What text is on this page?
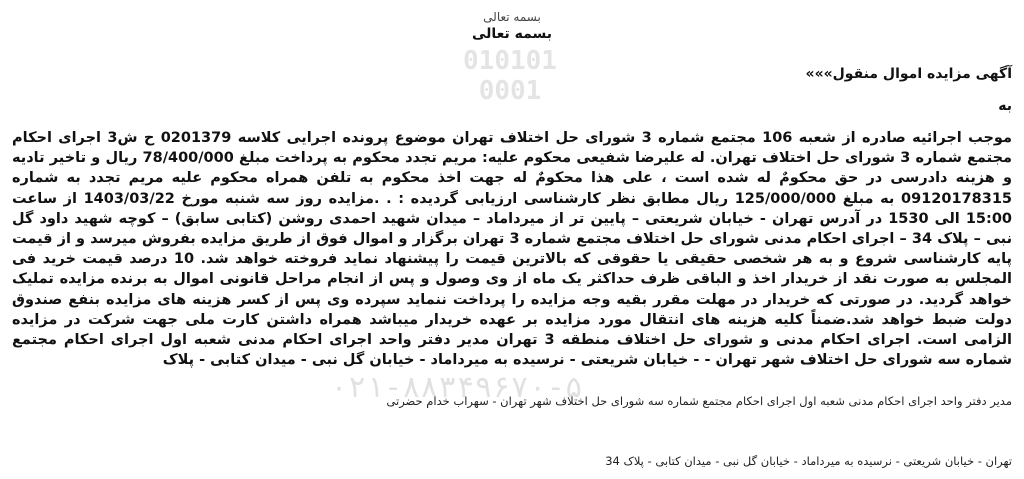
010101
0001
۰۲۱-۸۸۳۴۹۶۷۰-۵
بسمه تعالی
بسمه تعالی
آگهی مزایده اموال منقول»»»
به
موجب اجرائیه صادره از شعبه 106 مجتمع شماره 3 شورای حل اختلاف تهران موضوع پرونده اجرایی کلاسه 0201379 ح ش3 اجرای احکام مجتمع شماره 3 شورای حل اختلاف تهران. له علیرضا شفیعی محکوم علیه: مریم تجدد محکوم به پرداخت مبلغ 78/400/000 ریال و تاخیر تادیه و هزینه دادرسی در حق محکومٌ له شده است ، علی هذا محکومٌ له جهت اخذ محکوم به تلفن همراه محکوم علیه مریم تجدد به شماره 09120178315 به مبلغ 125/000/000 ریال مطابق نظر کارشناسی ارزیابی گردیده : . .مزایده روز سه شنبه مورخ 1403/03/22 از ساعت 15:00 الی 1530 در آدرس تهران - خیابان شریعتی – پایین تر از میرداماد – میدان شهید احمدی روشن (کتابی سابق) – کوچه شهید داود گل نبی – پلاک 34 – اجرای احکام مدنی شورای حل اختلاف مجتمع شماره 3 تهران برگزار و اموال فوق از طریق مزایده بفروش میرسد و از قیمت پایه کارشناسی شروع و به هر شخصی حقیقی یا حقوقی که بالاترین قیمت را پیشنهاد نماید فروخته خواهد شد. 10 درصد قیمت خرید فی المجلس به صورت نقد از خریدار اخذ و الباقی ظرف حداکثر یک ماه از وی وصول و پس از انجام مراحل قانونی اموال به برنده مزایده تملیک خواهد گردید. در صورتی که خریدار در مهلت مقرر بقیه وجه مزایده را پرداخت ننماید سپرده وی پس از کسر هزینه های مزایده بنفع صندوق دولت ضبط خواهد شد.ضمناً کلیه هزینه های انتقال مورد مزایده بر عهده خریدار میباشد همراه داشتن کارت ملی جهت شرکت در مزایده الزامی است. اجرای احکام مدنی و شورای حل اختلاف منطقه 3 تهران مدیر دفتر واحد اجرای احکام مدنی شعبه اول اجرای احکام مجتمع شماره سه شورای حل اختلاف شهر تهران - - خیابان شریعتی - نرسیده به میرداماد - خیابان گل نبی - میدان کتابی - پلاک
مدیر دفتر واحد اجرای احکام مدنی شعبه اول اجرای احکام مجتمع شماره سه شورای حل اختلاف شهر تهران - سهراب خدام حضرتی
تهران - خیابان شریعتی - نرسیده به میرداماد - خیابان گل نبی - میدان کتابی - پلاک 34
